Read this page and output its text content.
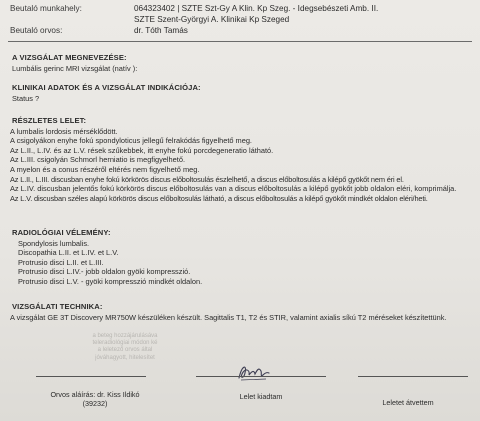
Beutaló munkahely:	064323402 | SZTE Szt-Gy A Klin. Kp Szeg. - Idegsebészeti Amb. II.
SZTE Szent-Györgyi A. Klinikai Kp Szeged
Beutaló orvos:	dr. Tóth Tamás
A VIZSGÁLAT MEGNEVEZÉSE:

Lumbális gerinc MRI vizsgálat (natív ):

KLINIKAI ADATOK ÉS A VIZSGÁLAT INDIKÁCIÓJA:

Status ?

RÉSZLETES LELET:

A lumbalis lordosis mérséklődött.

A csigolyákon enyhe fokú spondyloticus jellegű felrakódás figyelhető meg.

Az L.II., L.IV. és az L.V. rések szűkebbek, itt enyhe fokú porcdegeneratio látható.

Az L.III. csigolyán Schmorl herniatio is megfigyelhető.

A myelon és a conus részéről eltérés nem figyelhető meg.

Az L.II., L.III. discusban enyhe fokú körkörös discus előboltosulás észlelhető, a discus előboltosulás a kilépő gyökőt nem éri el.

Az L.IV. discusban jelentős fokú körkörös discus előboltosulás van a discus előboltosulás a kilépő gyökőt jobb oldalon eléri, komprimálja.

Az L.V. discusban széles alapú körkörös discus előboltosulás látható, a discus előboltosulás a kilépő gyökőt mindkét oldalon eléri/heti.

RADIOLÓGIAI VÉLEMÉNY:

Spondylosis lumbalis.

Discopathia L.II. et L.IV. et L.V.

Protrusio disci L.II. et L.III.

Protrusio disci L.IV.- jobb oldalon gyöki kompresszió.

Protrusio disci L.V. - gyöki kompresszió mindkét oldalon.

VIZSGÁLATI TECHNIKA:

A vizsgálat GE 3T Discovery MR750W készüléken készült. Sagittalis T1, T2 és STIR, valamint axialis síkú T2 méréseket készítettünk.

a beteg hozzájárulásáva
teleradiológiai módon ké
a leletező orvos által
jóváhagyott, hitelesítet
Orvos aláírás: dr. Kiss Ildikó
(39232)
Lelet kiadtam
Leletet átvettem
